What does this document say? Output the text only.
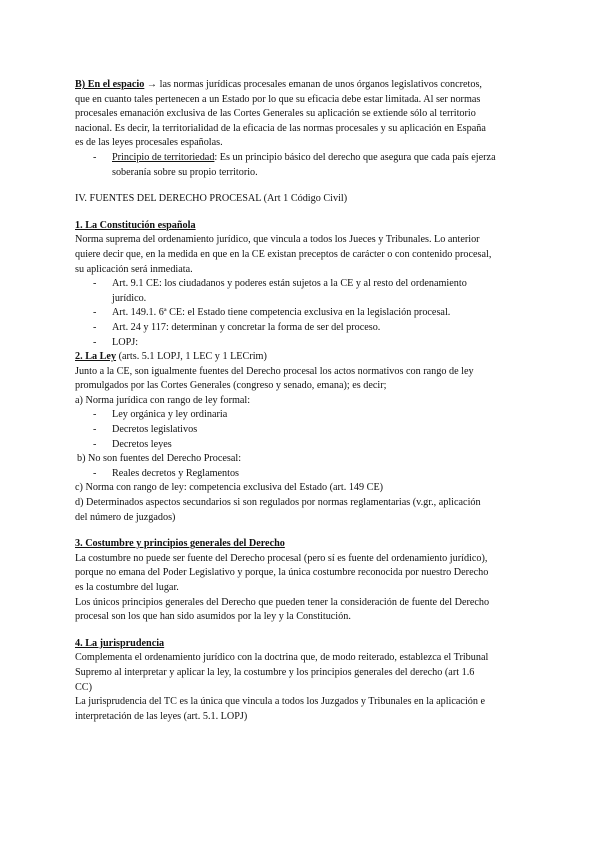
B) En el espacio → las normas jurídicas procesales emanan de unos órganos legislativos concretos,

que en cuanto tales pertenecen a un Estado por lo que su eficacia debe estar limitada. Al ser normas

procesales emanación exclusiva de las Cortes Generales su aplicación se extiende sólo al territorio

nacional. Es decir, la territorialidad de la eficacia de las normas procesales y su aplicación en España

es de las leyes procesales españolas.

- Principio de territoriedad: Es un principio básico del derecho que asegura que cada país ejerza
soberanía sobre su propio territorio.

IV. FUENTES DEL DERECHO PROCESAL (Art 1 Código Civil)

1. La Constitución española

Norma suprema del ordenamiento jurídico, que vincula a todos los Jueces y Tribunales. Lo anterior

quiere decir que, en la medida en que en la CE existan preceptos de carácter o con contenido procesal,

su aplicación será inmediata.

- Art. 9.1 CE: los ciudadanos y poderes están sujetos a la CE y al resto del ordenamiento
jurídico.
- Art. 149.1. 6ª CE: el Estado tiene competencia exclusiva en la legislación procesal.
- Art. 24 y 117: determinan y concretar la forma de ser del proceso.
- LOPJ:

2. La Ley (arts. 5.1 LOPJ, 1 LEC y 1 LECrim)

Junto a la CE, son igualmente fuentes del Derecho procesal los actos normativos con rango de ley

promulgados por las Cortes Generales (congreso y senado, emana); es decir;

a) Norma jurídica con rango de ley formal:

- Ley orgánica y ley ordinaria
- Decretos legislativos
- Decretos leyes

b) No son fuentes del Derecho Procesal:

- Reales decretos y Reglamentos

c) Norma con rango de ley: competencia exclusiva del Estado (art. 149 CE)

d) Determinados aspectos secundarios si son regulados por normas reglamentarias (v.gr., aplicación

del número de juzgados)

3. Costumbre y principios generales del Derecho

La costumbre no puede ser fuente del Derecho procesal (pero sí es fuente del ordenamiento jurídico),

porque no emana del Poder Legislativo y porque, la única costumbre reconocida por nuestro Derecho

es la costumbre del lugar.

Los únicos principios generales del Derecho que pueden tener la consideración de fuente del Derecho

procesal son los que han sido asumidos por la ley y la Constitución.

4. La jurisprudencia

Complementa el ordenamiento jurídico con la doctrina que, de modo reiterado, establezca el Tribunal

Supremo al interpretar y aplicar la ley, la costumbre y los principios generales del derecho (art 1.6

CC)

La jurisprudencia del TC es la única que vincula a todos los Juzgados y Tribunales en la aplicación e

interpretación de las leyes (art. 5.1. LOPJ)
